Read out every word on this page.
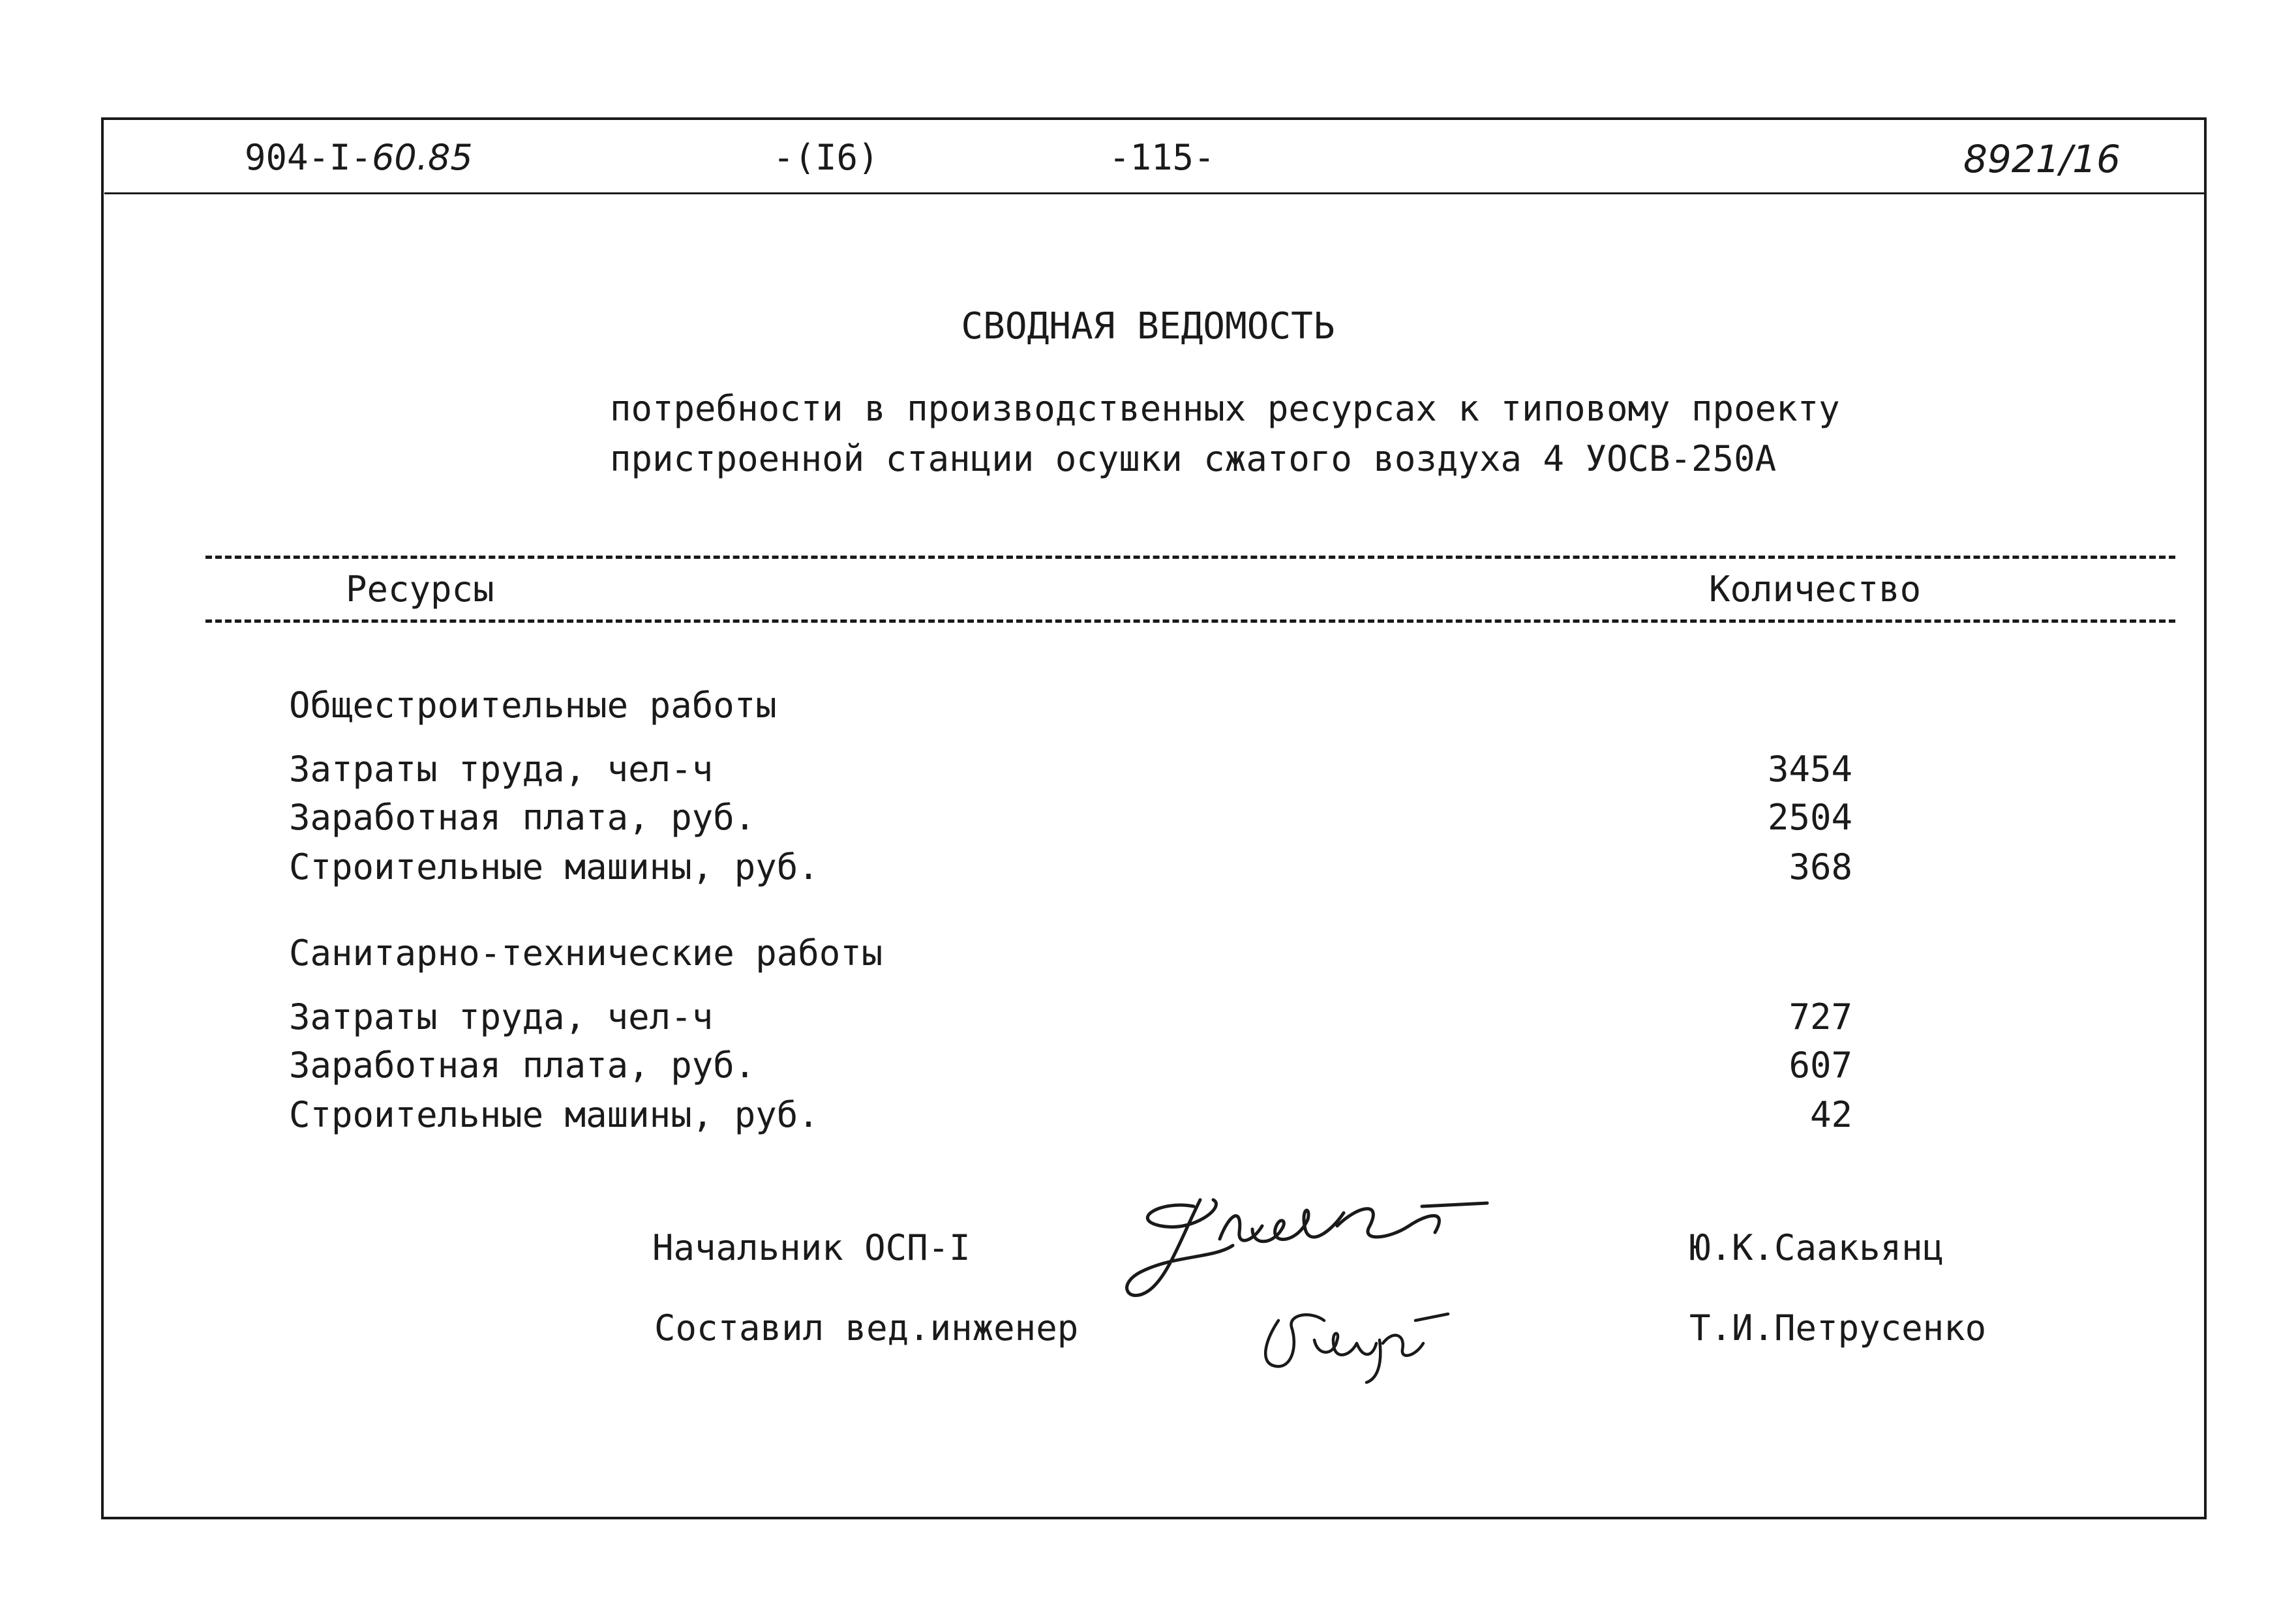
904-I-60.85	-(I6)	-115-	8921/16
СВОДНАЯ ВЕДОМОСТЬ
потребности в производственных ресурсах к типовому проекту
пристроенной станции осушки сжатого воздуха 4 УОСВ-250А
Ресурсы	Количество
Общестроительные работы
Затраты труда, чел-ч	3454
Заработная плата, руб.	2504
Строительные машины, руб.	368
Санитарно-технические работы
Затраты труда, чел-ч	727
Заработная плата, руб.	607
Строительные машины, руб.	42
Начальник ОСП-I	Ю.К.Саакьянц
Составил вед.инженер	Т.И.Петрусенко
